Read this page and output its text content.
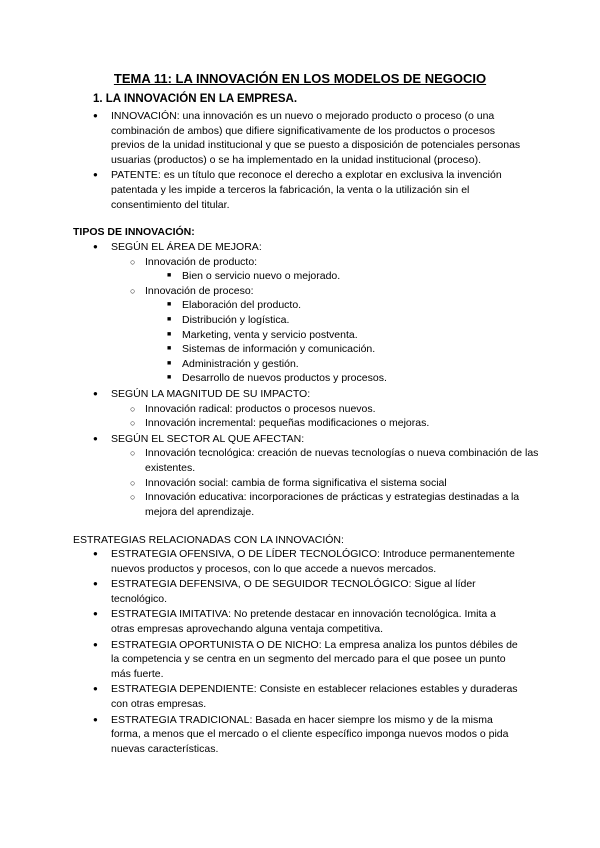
TEMA 11: LA INNOVACIÓN EN LOS MODELOS DE NEGOCIO
1. LA INNOVACIÓN EN LA EMPRESA.
● INNOVACIÓN: una innovación es un nuevo o mejorado producto o proceso (o una combinación de ambos) que difiere significativamente de los productos o procesos previos de la unidad institucional y que se puesto a disposición de potenciales personas usuarias (productos) o se ha implementado en la unidad institucional (proceso).
● PATENTE: es un título que reconoce el derecho a explotar en exclusiva la invención patentada y les impide a terceros la fabricación, la venta o la utilización sin el consentimiento del titular.

TIPOS DE INNOVACIÓN:

● SEGÚN EL ÁREA DE MEJORA:
○ Innovación de producto:
■ Bien o servicio nuevo o mejorado.
○ Innovación de proceso:
■ Elaboración del producto.
■ Distribución y logística.
■ Marketing, venta y servicio postventa.
■ Sistemas de información y comunicación.
■ Administración y gestión.
■ Desarrollo de nuevos productos y procesos.
● SEGÚN LA MAGNITUD DE SU IMPACTO:
○ Innovación radical: productos o procesos nuevos.
○ Innovación incremental: pequeñas modificaciones o mejoras.
● SEGÚN EL SECTOR AL QUE AFECTAN:
○ Innovación tecnológica: creación de nuevas tecnologías o nueva combinación de las existentes.
○ Innovación social: cambia de forma significativa el sistema social
○ Innovación educativa: incorporaciones de prácticas y estrategias destinadas a la mejora del aprendizaje.

ESTRATEGIAS RELACIONADAS CON LA INNOVACIÓN:

● ESTRATEGIA OFENSIVA, O DE LÍDER TECNOLÓGICO: Introduce permanentemente nuevos productos y procesos, con lo que accede a nuevos mercados.
● ESTRATEGIA DEFENSIVA, O DE SEGUIDOR TECNOLÓGICO: Sigue al líder tecnológico.
● ESTRATEGIA IMITATIVA: No pretende destacar en innovación tecnológica. Imita a otras empresas aprovechando alguna ventaja competitiva.
● ESTRATEGIA OPORTUNISTA O DE NICHO: La empresa analiza los puntos débiles de la competencia y se centra en un segmento del mercado para el que posee un punto más fuerte.
● ESTRATEGIA DEPENDIENTE: Consiste en establecer relaciones estables y duraderas con otras empresas.
● ESTRATEGIA TRADICIONAL: Basada en hacer siempre los mismo y de la misma forma, a menos que el mercado o el cliente específico imponga nuevos modos o pida nuevas características.
